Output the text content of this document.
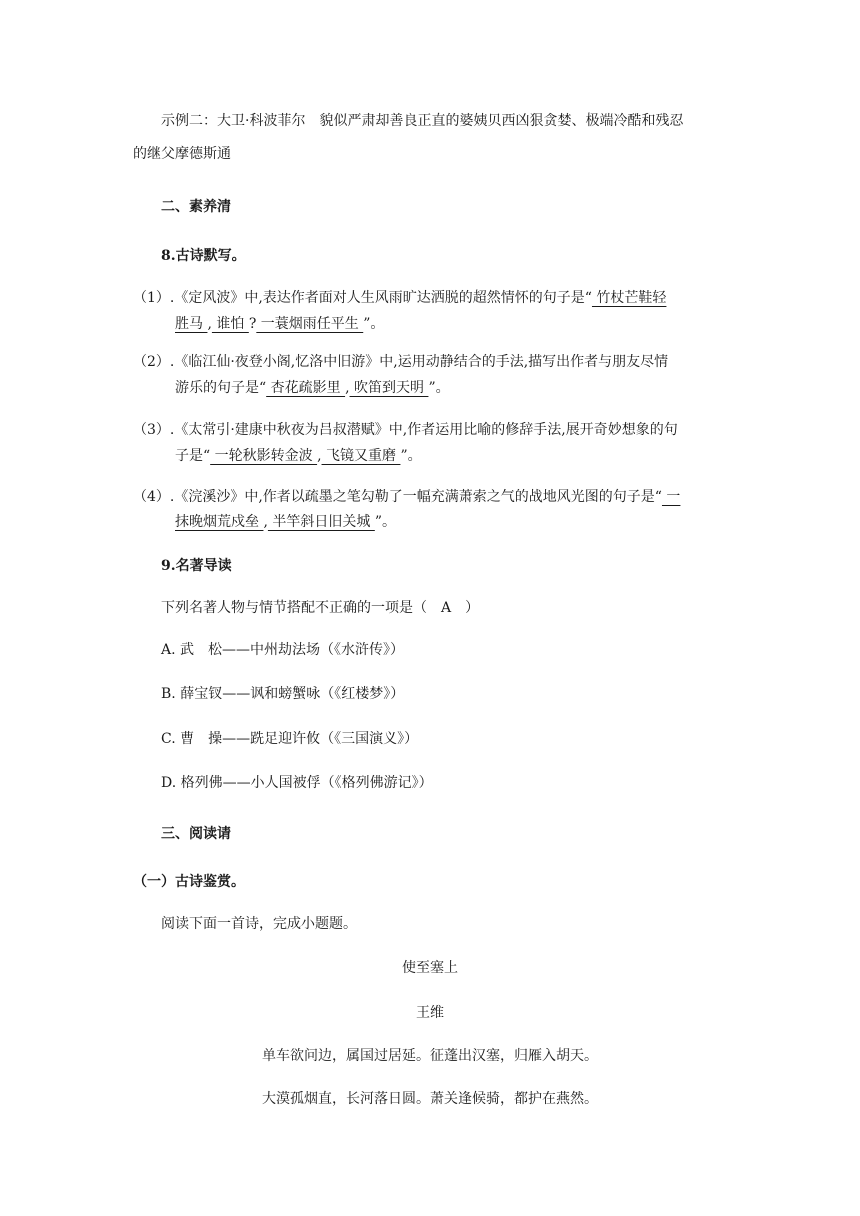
示例二：大卫·科波菲尔　貌似严肃却善良正直的婆姨贝西凶狠贪婪、极端冷酷和残忍
的继父摩德斯通
二、素养清
8.古诗默写。
（1）.《定风波》中,表达作者面对人生风雨旷达洒脱的超然情怀的句子是“ 竹杖芒鞋轻
胜马 , 谁怕 ? 一蓑烟雨任平生 ”。
（2）.《临江仙·夜登小阁,忆洛中旧游》中,运用动静结合的手法,描写出作者与朋友尽情
游乐的句子是“ 杏花疏影里 , 吹笛到天明 ”。
（3）.《太常引·建康中秋夜为吕叔潜赋》中,作者运用比喻的修辞手法,展开奇妙想象的句
子是“ 一轮秋影转金波 , 飞镜又重磨 ”。
（4）.《浣溪沙》中,作者以疏墨之笔勾勒了一幅充满萧索之气的战地风光图的句子是“ 一
抹晚烟荒戍垒 , 半竿斜日旧关城 ”。
9.名著导读
下列名著人物与情节搭配不正确的一项是（　A　）
A. 武　松——中州劫法场（《水浒传》）
B. 薛宝钗——讽和螃蟹咏（《红楼梦》）
C. 曹　操——跣足迎许攸（《三国演义》）
D. 格列佛——小人国被俘（《格列佛游记》）
三、阅读请
（一）古诗鉴赏。
阅读下面一首诗，完成小题题。
使至塞上
王维
单车欲问边，属国过居延。征蓬出汉塞，归雁入胡天。
大漠孤烟直，长河落日圆。萧关逢候骑，都护在燕然。
